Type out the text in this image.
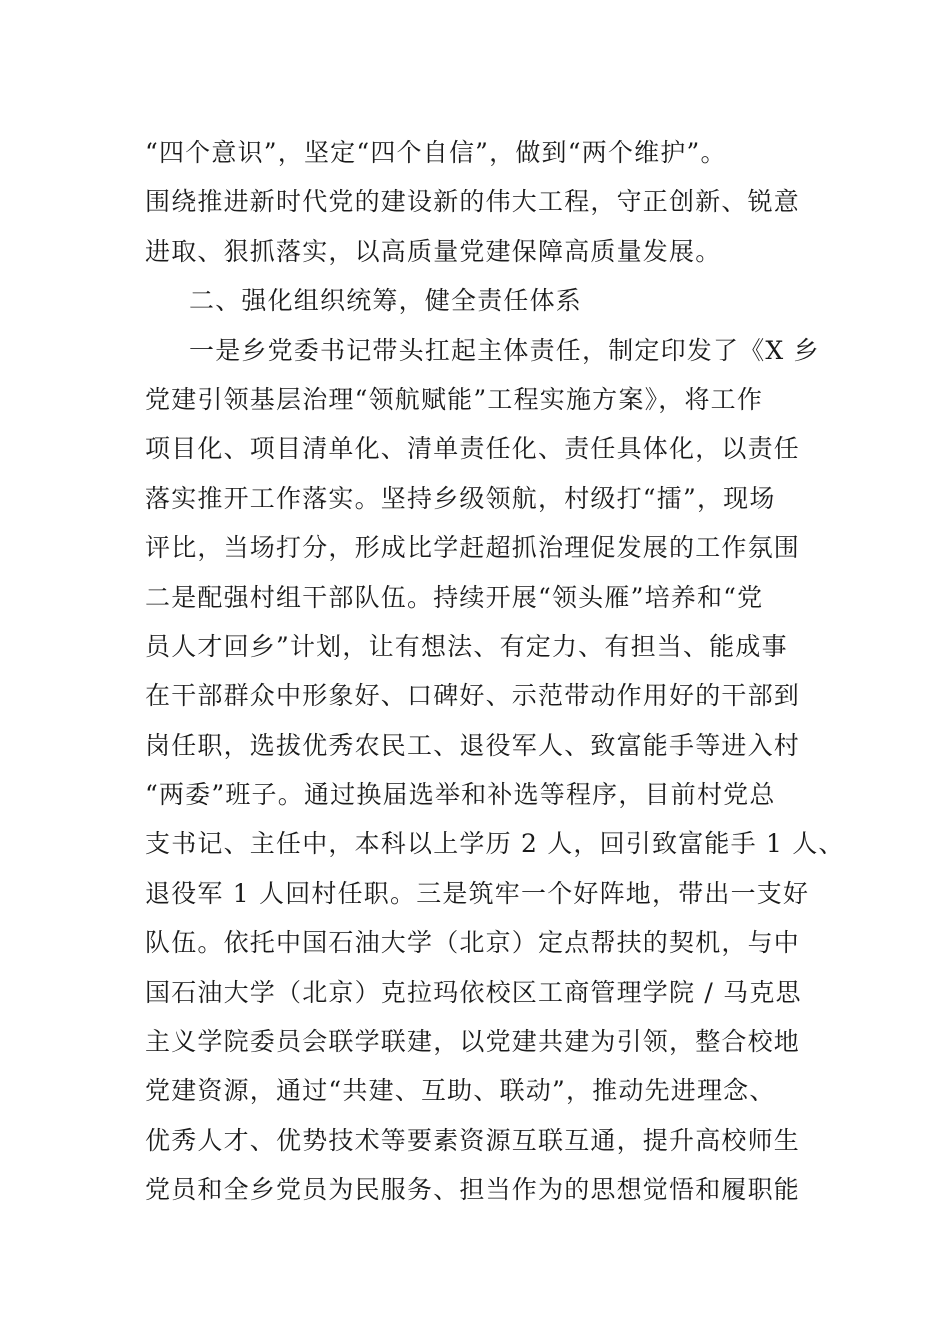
“四个意识”，坚定“四个自信”，做到“两个维护”。
围绕推进新时代党的建设新的伟大工程，守正创新、锐意
进取、狠抓落实，以高质量党建保障高质量发展。
二、强化组织统筹，健全责任体系
一是乡党委书记带头扛起主体责任，制定印发了《X 乡
党建引领基层治理“领航赋能”工程实施方案》，将工作
项目化、项目清单化、清单责任化、责任具体化，以责任
落实推开工作落实。坚持乡级领航，村级打“擂”，现场
评比，当场打分，形成比学赶超抓治理促发展的工作氛围
二是配强村组干部队伍。持续开展“领头雁”培养和“党
员人才回乡”计划，让有想法、有定力、有担当、能成事
在干部群众中形象好、口碑好、示范带动作用好的干部到
岗任职，选拔优秀农民工、退役军人、致富能手等进入村
“两委”班子。通过换届选举和补选等程序，目前村党总
支书记、主任中，本科以上学历 2 人，回引致富能手 1 人、
退役军 1 人回村任职。三是筑牢一个好阵地，带出一支好
队伍。依托中国石油大学（北京）定点帮扶的契机，与中
国石油大学（北京）克拉玛依校区工商管理学院 / 马克思
主义学院委员会联学联建，以党建共建为引领，整合校地
党建资源，通过“共建、互助、联动”，推动先进理念、
优秀人才、优势技术等要素资源互联互通，提升高校师生
党员和全乡党员为民服务、担当作为的思想觉悟和履职能
